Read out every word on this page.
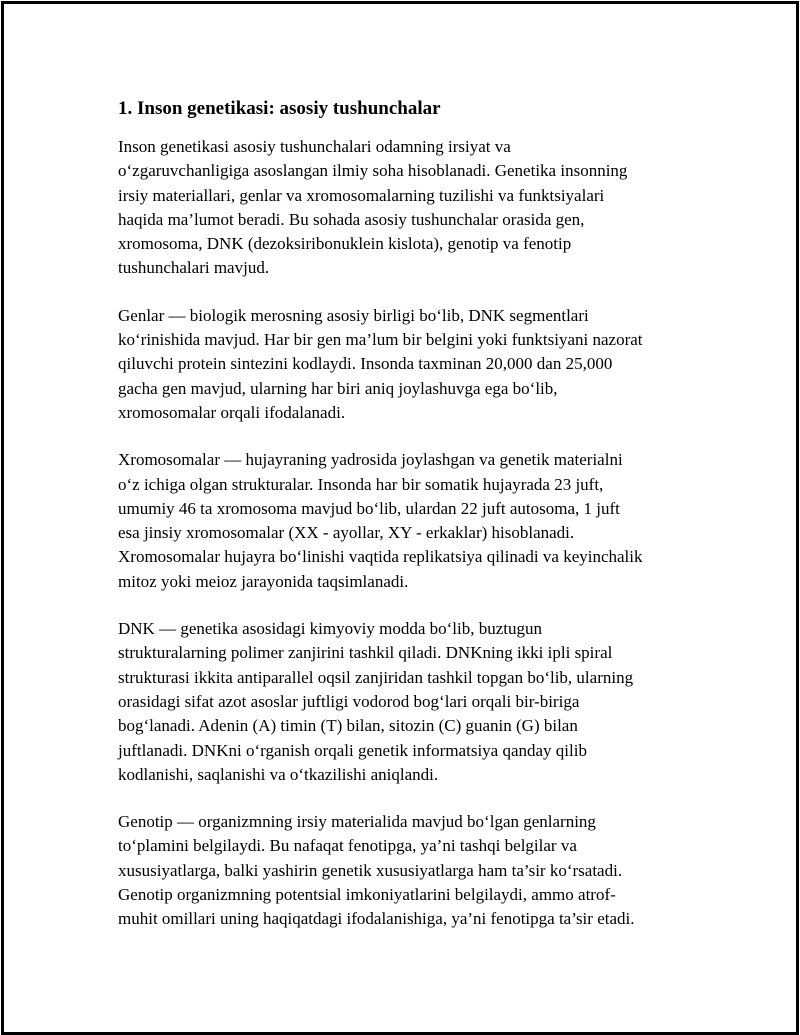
1. Inson genetikasi: asosiy tushunchalar

Inson genetikasi asosiy tushunchalari odamning irsiyat va
o‘zgaruvchanligiga asoslangan ilmiy soha hisoblanadi. Genetika insonning
irsiy materiallari, genlar va xromosomalarning tuzilishi va funktsiyalari
haqida ma’lumot beradi. Bu sohada asosiy tushunchalar orasida gen,
xromosoma, DNK (dezoksiribonuklein kislota), genotip va fenotip
tushunchalari mavjud.

Genlar — biologik merosning asosiy birligi bo‘lib, DNK segmentlari
ko‘rinishida mavjud. Har bir gen ma’lum bir belgini yoki funktsiyani nazorat
qiluvchi protein sintezini kodlaydi. Insonda taxminan 20,000 dan 25,000
gacha gen mavjud, ularning har biri aniq joylashuvga ega bo‘lib,
xromosomalar orqali ifodalanadi.

Xromosomalar — hujayraning yadrosida joylashgan va genetik materialni
o‘z ichiga olgan strukturalar. Insonda har bir somatik hujayrada 23 juft,
umumiy 46 ta xromosoma mavjud bo‘lib, ulardan 22 juft autosoma, 1 juft
esa jinsiy xromosomalar (XX - ayollar, XY - erkaklar) hisoblanadi.
Xromosomalar hujayra bo‘linishi vaqtida replikatsiya qilinadi va keyinchalik
mitoz yoki meioz jarayonida taqsimlanadi.

DNK — genetika asosidagi kimyoviy modda bo‘lib, buztugun
strukturalarning polimer zanjirini tashkil qiladi. DNKning ikki ipli spiral
strukturasi ikkita antiparallel oqsil zanjiridan tashkil topgan bo‘lib, ularning
orasidagi sifat azot asoslar juftligi vodorod bog‘lari orqali bir-biriga
bog‘lanadi. Adenin (A) timin (T) bilan, sitozin (C) guanin (G) bilan
juftlanadi. DNKni o‘rganish orqali genetik informatsiya qanday qilib
kodlanishi, saqlanishi va o‘tkazilishi aniqlandi.

Genotip — organizmning irsiy materialida mavjud bo‘lgan genlarning
to‘plamini belgilaydi. Bu nafaqat fenotipga, ya’ni tashqi belgilar va
xususiyatlarga, balki yashirin genetik xususiyatlarga ham ta’sir ko‘rsatadi.
Genotip organizmning potentsial imkoniyatlarini belgilaydi, ammo atrof-
muhit omillari uning haqiqatdagi ifodalanishiga, ya’ni fenotipga ta’sir etadi.
